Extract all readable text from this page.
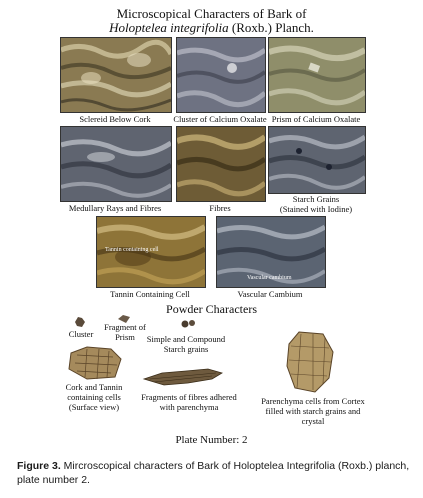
Microscopical Characters of Bark of
Holoptelea integrifolia (Roxb.) Planch.
Sclereid Below Cork	Cluster of Calcium Oxalate Prism of Calcium Oxalate
Medullary Rays and Fibres	Fibres
Starch Grains
(Stained with Iodine)
Tannin containing cell
Tannin Containing Cell
Vascular cambium
Vascular Cambium
Powder Characters
Cluster
Fragment of Prism	Simple and Compound Starch grains
Cork and Tannin containing cells (Surface view)
Fragments of fibres adhered with parenchyma
Parenchyma cells from Cortex filled with starch grains and crystal
Plate Number: 2
Figure 3. Mircroscopical characters of Bark of Holoptelea Integrifolia (Roxb.) planch, plate number 2.
